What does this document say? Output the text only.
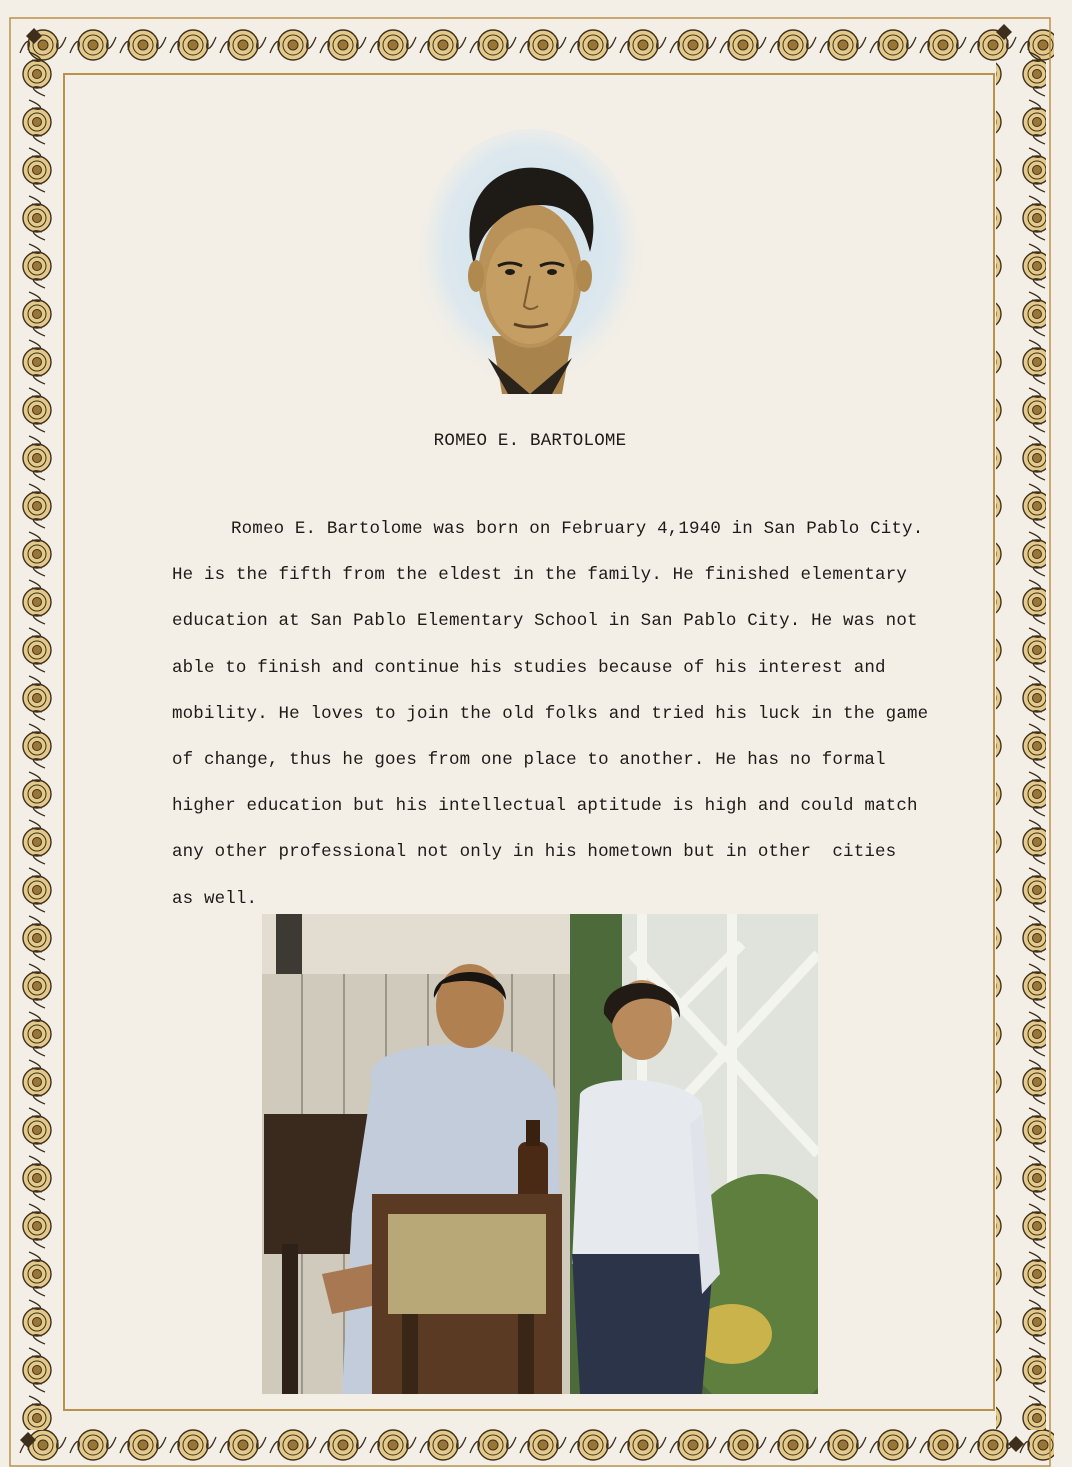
ROMEO E. BARTOLOME

Romeo E. Bartolome was born on February 4,1940 in San Pablo City.
He is the fifth from the eldest in the family. He finished elementary
education at San Pablo Elementary School in San Pablo City. He was not
able to finish and continue his studies because of his interest and
mobility. He loves to join the old folks and tried his luck in the game
of change, thus he goes from one place to another. He has no formal
higher education but his intellectual aptitude is high and could match
any other professional not only in his hometown but in other  cities
as well.
